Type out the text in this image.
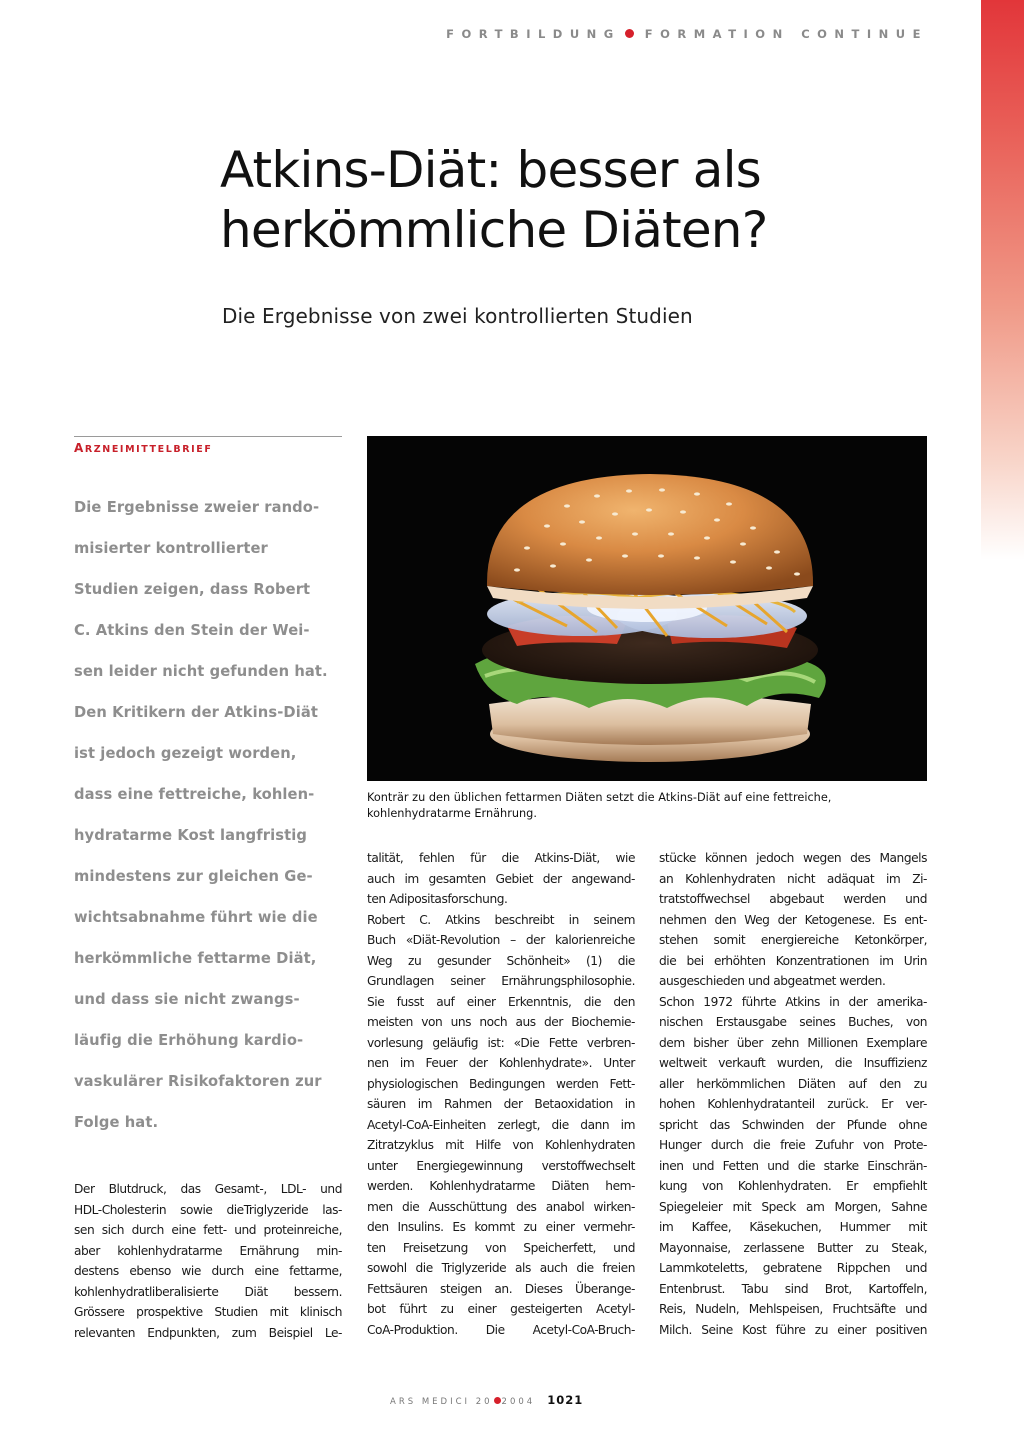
FORTBILDUNG FORMATION CONTINUE
Atkins-Diät: besser als
herkömmliche Diäten?
Die Ergebnisse von zwei kontrollierten Studien
ARZNEIMITTELBRIEF
Die Ergebnisse zweier rando-
misierter kontrollierter
Studien zeigen, dass Robert
C. Atkins den Stein der Wei-
sen leider nicht gefunden hat.
Den Kritikern der Atkins-Diät
ist jedoch gezeigt worden,
dass eine fettreiche, kohlen-
hydratarme Kost langfristig
mindestens zur gleichen Ge-
wichtsabnahme führt wie die
herkömmliche fettarme Diät,
und dass sie nicht zwangs-
läufig die Erhöhung kardio-
vaskulärer Risikofaktoren zur
Folge hat.
Konträr zu den üblichen fettarmen Diäten setzt die Atkins-Diät auf eine fettreiche, kohlenhydratarme Ernährung.
Der Blutdruck, das Gesamt-, LDL- und
HDL-Cholesterin sowie dieTriglyzeride las-
sen sich durch eine fett- und proteinreiche,
aber kohlenhydratarme Ernährung min-
destens ebenso wie durch eine fettarme,
kohlenhydratliberalisierte Diät bessern.
Grössere prospektive Studien mit klinisch
relevanten Endpunkten, zum Beispiel Le-
talität, fehlen für die Atkins-Diät, wie
auch im gesamten Gebiet der angewand-
ten Adipositasforschung.
Robert C. Atkins beschreibt in seinem
Buch «Diät-Revolution – der kalorienreiche
Weg zu gesunder Schönheit» (1) die
Grundlagen seiner Ernährungsphilosophie.
Sie fusst auf einer Erkenntnis, die den
meisten von uns noch aus der Biochemie-
vorlesung geläufig ist: «Die Fette verbren-
nen im Feuer der Kohlenhydrate». Unter
physiologischen Bedingungen werden Fett-
säuren im Rahmen der Betaoxidation in
Acetyl-CoA-Einheiten zerlegt, die dann im
Zitratzyklus mit Hilfe von Kohlenhydraten
unter Energiegewinnung verstoffwechselt
werden. Kohlenhydratarme Diäten hem-
men die Ausschüttung des anabol wirken-
den Insulins. Es kommt zu einer vermehr-
ten Freisetzung von Speicherfett, und
sowohl die Triglyzeride als auch die freien
Fettsäuren steigen an. Dieses Überange-
bot führt zu einer gesteigerten Acetyl-
CoA-Produktion. Die Acetyl-CoA-Bruch-
stücke können jedoch wegen des Mangels
an Kohlenhydraten nicht adäquat im Zi-
tratstoffwechsel abgebaut werden und
nehmen den Weg der Ketogenese. Es ent-
stehen somit energiereiche Ketonkörper,
die bei erhöhten Konzentrationen im Urin
ausgeschieden und abgeatmet werden.
Schon 1972 führte Atkins in der amerika-
nischen Erstausgabe seines Buches, von
dem bisher über zehn Millionen Exemplare
weltweit verkauft wurden, die Insuffizienz
aller herkömmlichen Diäten auf den zu
hohen Kohlenhydratanteil zurück. Er ver-
spricht das Schwinden der Pfunde ohne
Hunger durch die freie Zufuhr von Prote-
inen und Fetten und die starke Einschrän-
kung von Kohlenhydraten. Er empfiehlt
Spiegeleier mit Speck am Morgen, Sahne
im Kaffee, Käsekuchen, Hummer mit
Mayonnaise, zerlassene Butter zu Steak,
Lammkoteletts, gebratene Rippchen und
Entenbrust. Tabu sind Brot, Kartoffeln,
Reis, Nudeln, Mehlspeisen, Fruchtsäfte und
Milch. Seine Kost führe zu einer positiven
ARS MEDICI 20 2004 1021
